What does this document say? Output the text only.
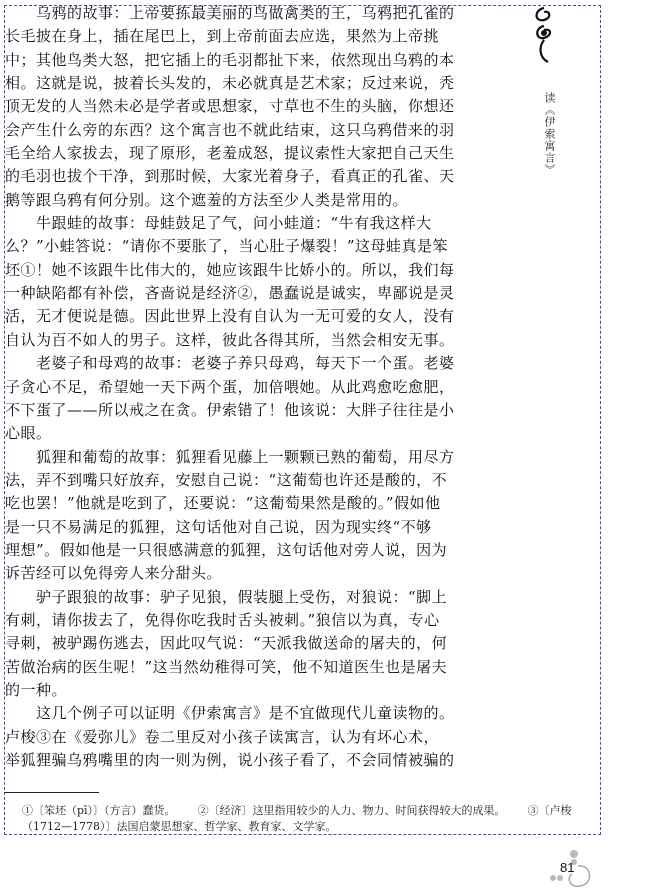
乌鸦的故事：上帝要拣最美丽的鸟做禽类的王，乌鸦把孔雀的
长毛披在身上，插在尾巴上，到上帝前面去应选，果然为上帝挑
中；其他鸟类大怒，把它插上的毛羽都扯下来，依然现出乌鸦的本
相。这就是说，披着长头发的，未必就真是艺术家；反过来说，秃
顶无发的人当然未必是学者或思想家，寸草也不生的头脑，你想还
会产生什么旁的东西？这个寓言也不就此结束，这只乌鸦借来的羽
毛全给人家拔去，现了原形，老羞成怒，提议索性大家把自己天生
的毛羽也拔个干净，到那时候，大家光着身子，看真正的孔雀、天
鹅等跟乌鸦有何分别。这个遮羞的方法至少人类是常用的。
牛跟蛙的故事：母蛙鼓足了气，问小蛙道：“牛有我这样大
么？”小蛙答说：“请你不要胀了，当心肚子爆裂！”这母蛙真是笨
坯①！她不该跟牛比伟大的，她应该跟牛比娇小的。所以，我们每
一种缺陷都有补偿，吝啬说是经济②，愚蠢说是诚实，卑鄙说是灵
活，无才便说是德。因此世界上没有自认为一无可爱的女人，没有
自认为百不如人的男子。这样，彼此各得其所，当然会相安无事。
老婆子和母鸡的故事：老婆子养只母鸡，每天下一个蛋。老婆
子贪心不足，希望她一天下两个蛋，加倍喂她。从此鸡愈吃愈肥，
不下蛋了——所以戒之在贪。伊索错了！他该说：大胖子往往是小
心眼。
狐狸和葡萄的故事：狐狸看见藤上一颗颗已熟的葡萄，用尽方
法，弄不到嘴只好放弃，安慰自己说：“这葡萄也许还是酸的，不
吃也罢！”他就是吃到了，还要说：“这葡萄果然是酸的。”假如他
是一只不易满足的狐狸，这句话他对自己说，因为现实终“不够
理想”。假如他是一只很感满意的狐狸，这句话他对旁人说，因为
诉苦经可以免得旁人来分甜头。
驴子跟狼的故事：驴子见狼，假装腿上受伤，对狼说：“脚上
有刺，请你拔去了，免得你吃我时舌头被刺。”狼信以为真，专心
寻刺，被驴踢伤逃去，因此叹气说：“天派我做送命的屠夫的，何
苦做治病的医生呢！”这当然幼稚得可笑，他不知道医生也是屠夫
的一种。
这几个例子可以证明《伊索寓言》是不宜做现代儿童读物的。
卢梭③在《爱弥儿》卷二里反对小孩子读寓言，认为有坏心术，
举狐狸骗乌鸦嘴里的肉一则为例，说小孩子看了，不会同情被骗的
①〔笨坯（pī）〕（方言）蠢货。 ②〔经济〕这里指用较少的人力、物力、时间获得较大的成果。 ③〔卢梭（1712—1778）〕法国启蒙思想家、哲学家、教育家、文学家。
读《伊索寓言》
81
